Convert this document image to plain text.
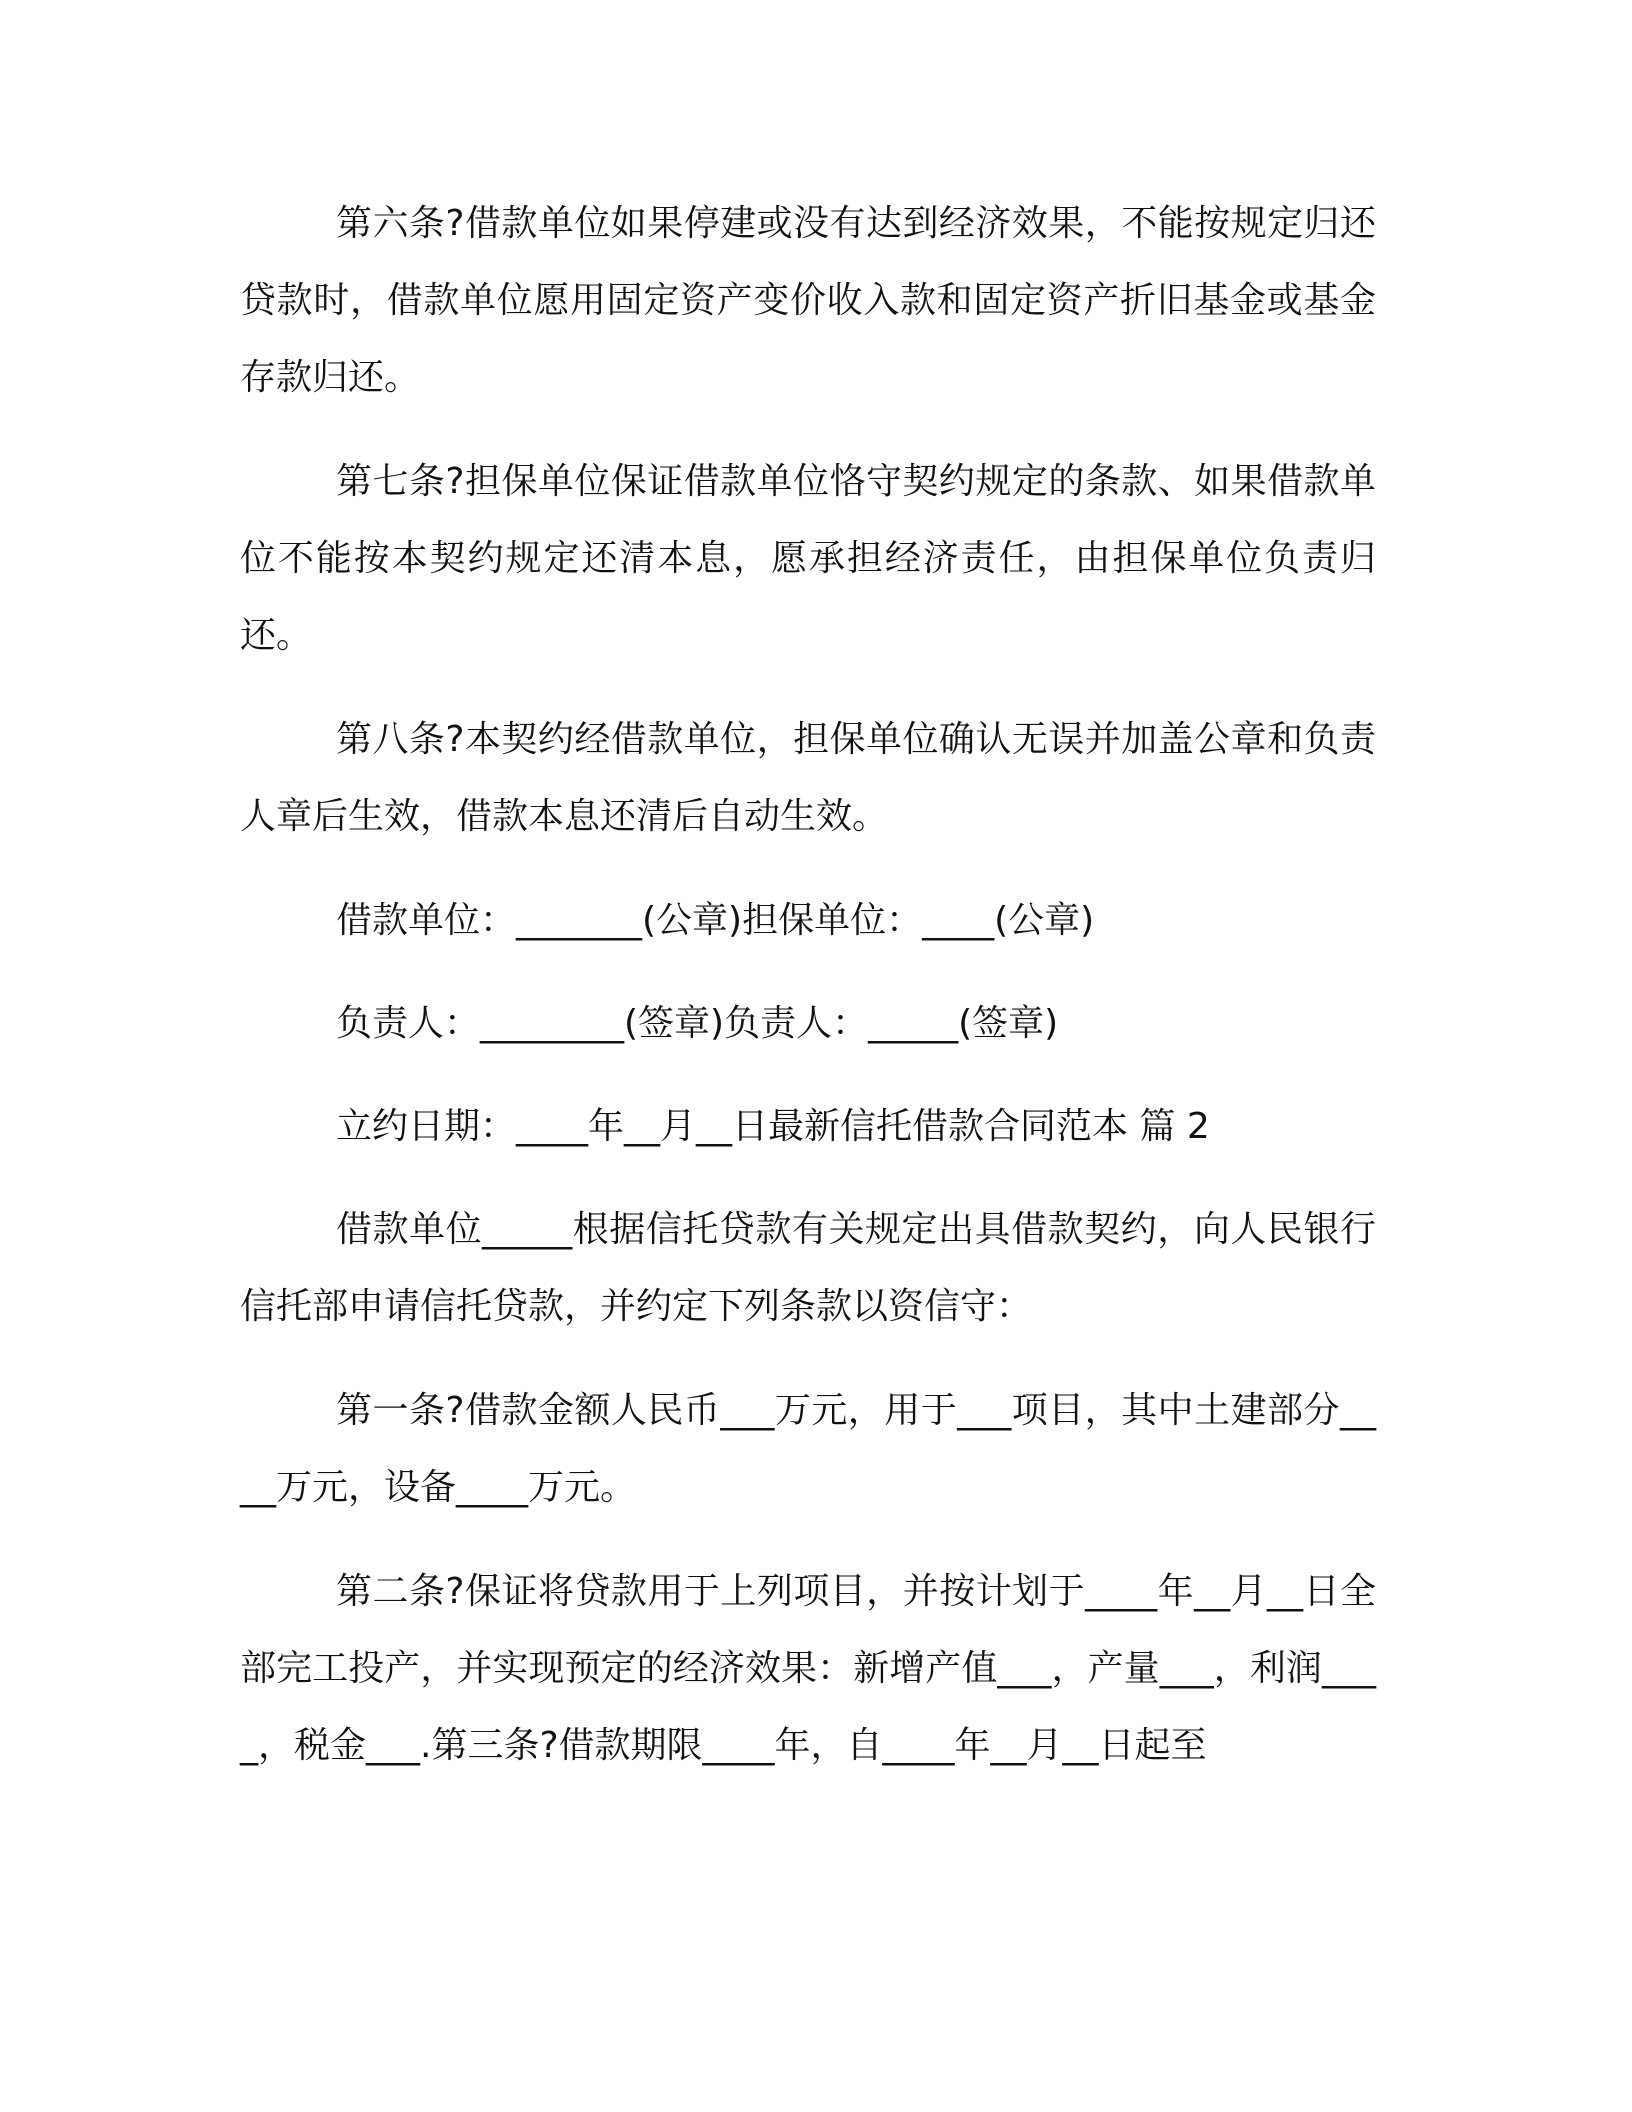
第六条?借款单位如果停建或没有达到经济效果，不能按规定归还贷款时，借款单位愿用固定资产变价收入款和固定资产折旧基金或基金存款归还。

第七条?担保单位保证借款单位恪守契约规定的条款、如果借款单位不能按本契约规定还清本息，愿承担经济责任，由担保单位负责归还。

第八条?本契约经借款单位，担保单位确认无误并加盖公章和负责人章后生效，借款本息还清后自动生效。

借款单位：_______(公章)担保单位：____(公章)

负责人：________(签章)负责人：_____(签章)

立约日期：____年__月__日最新信托借款合同范本 篇 2

借款单位_____根据信托贷款有关规定出具借款契约，向人民银行信托部申请信托贷款，并约定下列条款以资信守：

第一条?借款金额人民币___万元，用于___项目，其中土建部分____万元，设备____万元。

第二条?保证将贷款用于上列项目，并按计划于____年__月__日全部完工投产，并实现预定的经济效果：新增产值___，产量___，利润____，税金___.第三条?借款期限____年，自____年__月__日起至
